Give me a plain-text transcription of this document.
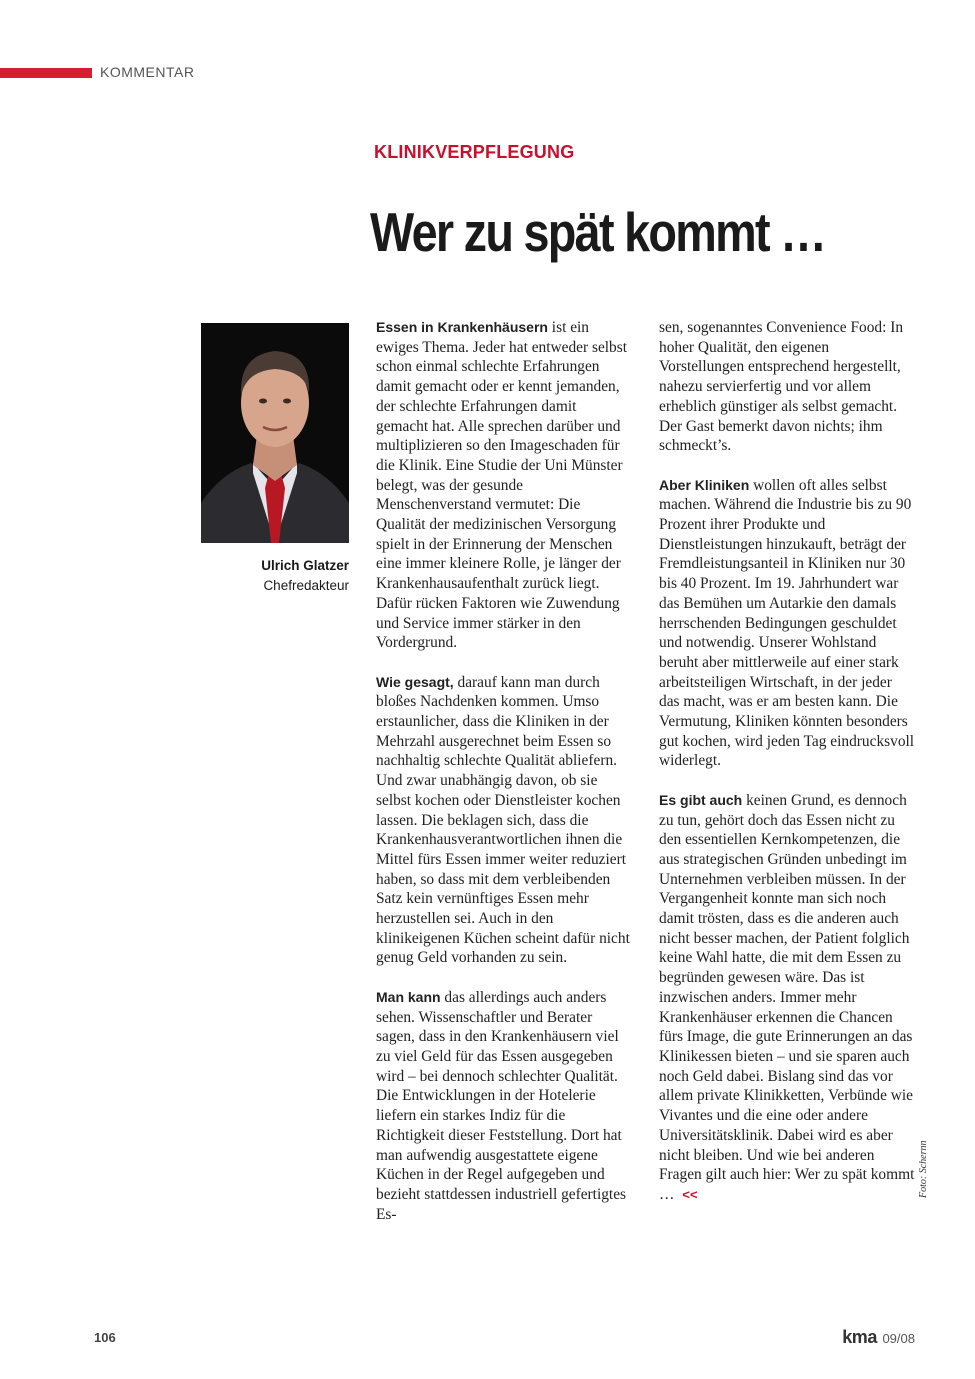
KOMMENTAR
KLINIKVERPFLEGUNG
Wer zu spät kommt …
Ulrich Glatzer
Chefredakteur

Essen in Krankenhäusern ist ein ewiges Thema. Jeder hat entweder selbst schon einmal schlechte Erfahrungen damit gemacht oder er kennt jemanden, der schlechte Erfahrungen damit gemacht hat. Alle sprechen darüber und multiplizieren so den Imageschaden für die Klinik. Eine Studie der Uni Münster belegt, was der gesunde Menschenverstand vermutet: Die Qualität der medizinischen Versorgung spielt in der Erinnerung der Menschen eine immer kleinere Rolle, je länger der Krankenhausaufenthalt zurück liegt. Dafür rücken Faktoren wie Zuwendung und Service immer stärker in den Vordergrund.

Wie gesagt, darauf kann man durch bloßes Nachdenken kommen. Umso erstaunlicher, dass die Kliniken in der Mehrzahl ausgerechnet beim Essen so nachhaltig schlechte Qualität abliefern. Und zwar unabhängig davon, ob sie selbst kochen oder Dienstleister kochen lassen. Die beklagen sich, dass die Krankenhausverantwortlichen ihnen die Mittel fürs Essen immer weiter reduziert haben, so dass mit dem verbleibenden Satz kein vernünftiges Essen mehr herzustellen sei. Auch in den klinikeigenen Küchen scheint dafür nicht genug Geld vorhanden zu sein.

Man kann das allerdings auch anders sehen. Wissenschaftler und Berater sagen, dass in den Krankenhäusern viel zu viel Geld für das Essen ausgegeben wird – bei dennoch schlechter Qualität. Die Entwicklungen in der Hotelerie liefern ein starkes Indiz für die Richtigkeit dieser Feststellung. Dort hat man aufwendig ausgestattete eigene Küchen in der Regel aufgegeben und bezieht stattdessen industriell gefertigtes Es-

sen, sogenanntes Convenience Food: In hoher Qualität, den eigenen Vorstellungen entsprechend hergestellt, nahezu servierfertig und vor allem erheblich günstiger als selbst gemacht. Der Gast bemerkt davon nichts; ihm schmeckt’s.

Aber Kliniken wollen oft alles selbst machen. Während die Industrie bis zu 90 Prozent ihrer Produkte und Dienstleistungen hinzukauft, beträgt der Fremdleistungsanteil in Kliniken nur 30 bis 40 Prozent. Im 19. Jahrhundert war das Bemühen um Autarkie den damals herrschenden Bedingungen geschuldet und notwendig. Unserer Wohlstand beruht aber mittlerweile auf einer stark arbeitsteiligen Wirtschaft, in der jeder das macht, was er am besten kann. Die Vermutung, Kliniken könnten besonders gut kochen, wird jeden Tag eindrucksvoll widerlegt.

Es gibt auch keinen Grund, es dennoch zu tun, gehört doch das Essen nicht zu den essentiellen Kernkompetenzen, die aus strategischen Gründen unbedingt im Unternehmen verbleiben müssen. In der Vergangenheit konnte man sich noch damit trösten, dass es die anderen auch nicht besser machen, der Patient folglich keine Wahl hatte, die mit dem Essen zu begründen gewesen wäre. Das ist inzwischen anders. Immer mehr Krankenhäuser erkennen die Chancen fürs Image, die gute Erinnerungen an das Klinikessen bieten – und sie sparen auch noch Geld dabei. Bislang sind das vor allem private Klinikketten, Verbünde wie Vivantes und die eine oder andere Universitätsklinik. Dabei wird es aber nicht bleiben. Und wie bei anderen Fragen gilt auch hier: Wer zu spät kommt … <<	Foto: Schernn
106	kma 09/08
